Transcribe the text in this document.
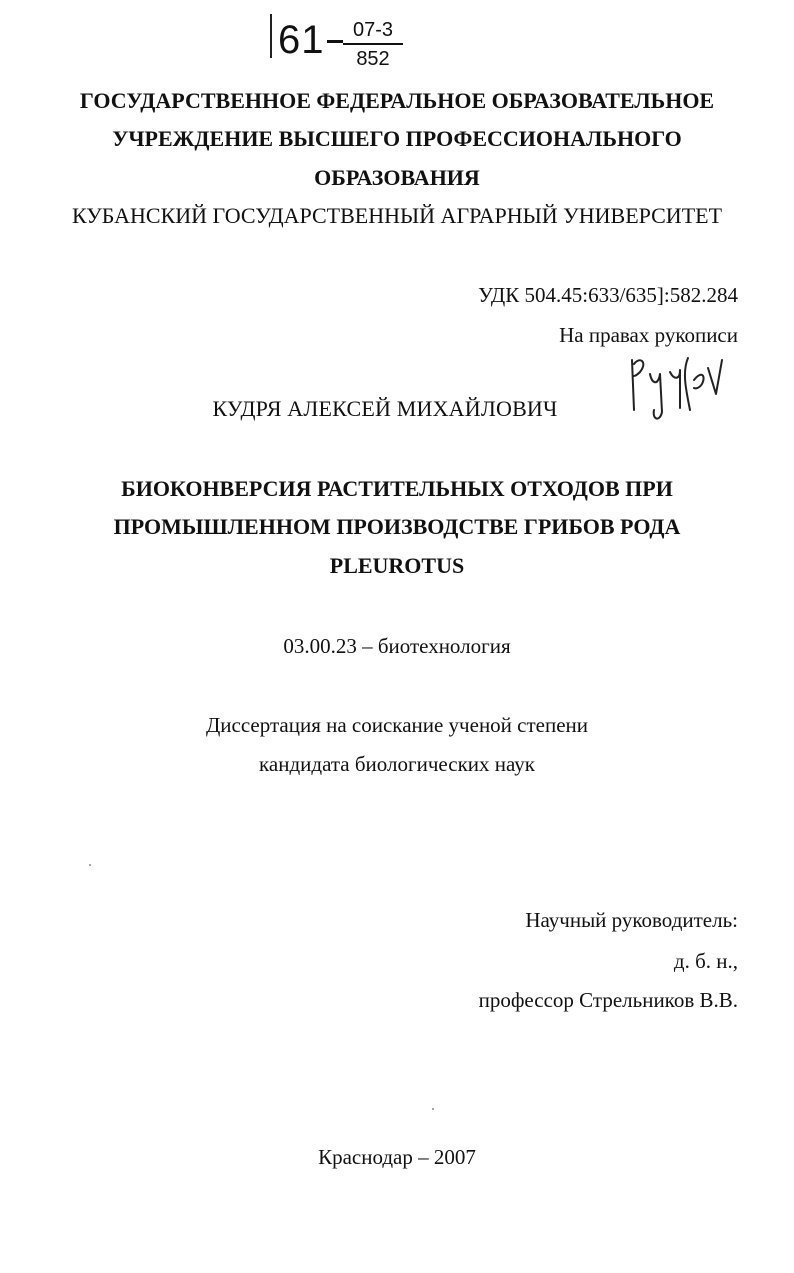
61	07-3
852
ГОСУДАРСТВЕННОЕ ФЕДЕРАЛЬНОЕ ОБРАЗОВАТЕЛЬНОЕ
УЧРЕЖДЕНИЕ ВЫСШЕГО ПРОФЕССИОНАЛЬНОГО
ОБРАЗОВАНИЯ
КУБАНСКИЙ ГОСУДАРСТВЕННЫЙ АГРАРНЫЙ УНИВЕРСИТЕТ
УДК 504.45:633/635]:582.284
На правах рукописи
КУДРЯ АЛЕКСЕЙ МИХАЙЛОВИЧ
БИОКОНВЕРСИЯ РАСТИТЕЛЬНЫХ ОТХОДОВ ПРИ
ПРОМЫШЛЕННОМ ПРОИЗВОДСТВЕ ГРИБОВ РОДА
PLEUROTUS
03.00.23 – биотехнология
Диссертация на соискание ученой степени
кандидата биологических наук
Научный руководитель:
д. б. н.,
профессор Стрельников В.В.
Краснодар – 2007
